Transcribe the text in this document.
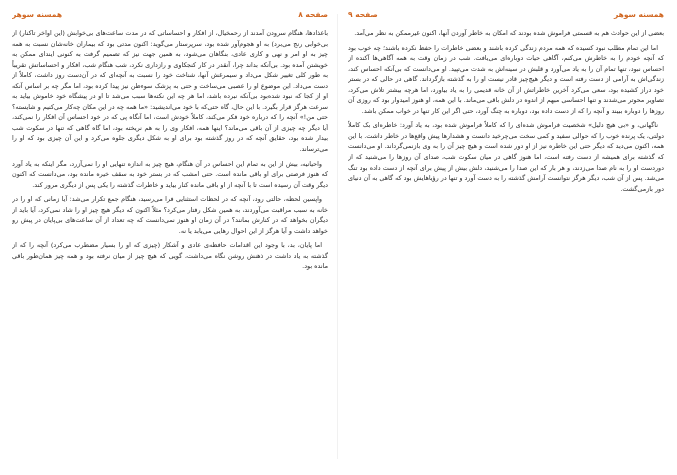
همسنه سوهر	صفحه ۸

باعذادها، هنگام سرودن آمدند از رحمخیال، از افکار و احساساتی که در مدت ساعت‌های بی‌خوابش (این اواخر تا‌کنار) از بی‌خوابی رنج می‌برد) به او هجوم‌آور شده بود، سرپرستار می‌گوید: اکنون مدتی بود که بیماران خانه‌شان نسبت به همه چیز به او امر و نهی و کاری عادی، بنگاهان می‌شود، به همین جهت نیز که تصمیم گرفت به کنونی ایندای ممکن به خویشتن آمده بود. بی‌آنکه بداند چرا، آنقدر در کار کنجکاوی و رازداری نکرد، شب هنگام شب، افکار و احساساتش تقریباً به طور کلی تغییر شکل می‌داد و سیمرغش آنها، شناخت خود را نسبت به آنچه‌ای که در آن‌دست روز داشت، کاملاً از دست می‌داد. این موضوع او را عصبی می‌ساخت و حتی به پزشک سوء‌ظن نیز پیدا کرده بود، اما مگر چه بر اساس آنکه او از کجا که نبود شده‌بود بی‌آنکه نبرده باشد، اما هر چه این نکته‌ها سبب می‌شد تا او در پیشگاه خود خاموش بیاید به سرعت هرگز قرار بگیرد. با این حال، گاه حتی‌که با خود می‌اندیشید: «ما همه چه در این مکان چه‌کار می‌کنیم و شایسته؟ حتی من!» آنچه را که درباره خود فکر می‌کند، کاملاً خودش است، اما آنگاه پی که در خود احساس آن افکار را نمی‌کند، آیا دیگر چه چیزی از آن باقی می‌ماند؟ اینها همه، افکار وی را به هم نریخته بود، اما گاه گاهی که تنها در سکوت شب بیدار شده بود، حقایق آنچه که در روز گذشته بود برای او به شکل دیگری جلوه می‌کرد و این آن چیزی بود که او را می‌ترساند.

واحیانیه، بیش از این به تمام این احساس در آن هنگام، هیچ چیز به اندازه تنهایی او را نمی‌آزرد، مگر اینکه به یاد آورد که هنوز فرصتی برای او باقی مانده است. حتی امشب که در بستر خود به سقف خیره مانده بود، می‌دانست که اکنون دیگر وقت آن رسیده است تا با آنچه از او باقی مانده کنار بیاید و خاطرات گذشته را یکی پس از دیگری مرور کند.

واپسین لحظه، حالتی رود، آنچه که در لحظات استثنایی فرا می‌رسید، هنگام جمع تکرار می‌شد: آیا زمانی که او را در خانه به سبب مراقبت می‌آوردند، به همین شکل رفتار می‌کرد؟ مثلاً اکنون که دیگر هیچ چیز او را شاد نمی‌کرد، آیا باید از دیگران بخواهد که در کنارش بمانند؟ در آن زمان او هنوز نمی‌دانست که چه تعداد از آن ساعت‌های بی‌پایان در پیش رو خواهد داشت و آیا هرگز از این احوال رهایی می‌یابد یا نه.

اما پایان، بد، با وجود این اقدامات حافظه‌ی عادی و آشکار (چیزی که او را بسیار مضطرب می‌کرد) آنچه را که از گذشته به یاد داشت در ذهنش روشن نگاه می‌داشت، گویی که هیچ چیز از میان نرفته بود و همه چیز همان‌طور باقی مانده بود.

همسنه سوهر
صفحه ۹

بعضی از این حوادث هم به قسمتی فراموش شده بودند که امکان به خاطر آوردن آنها، اکنون غیرممکن به نظر می‌آمد.

اما این تمام مطلب نبود کسیده که همه مردم زندگی کرده باشند و بعضی خاطرات را حفظ نکرده باشند؛ چه خوب بود که آنچه خودم را به خاطرش می‌کنم، آگاهی حیات دوباره‌ای می‌یافت. شب در زمان وقت به همه آگاهی‌ها آکنده از احساس نبود، تنها تمام آن را به یاد می‌آورد و قلبش در سینه‌اش به شدت می‌تپید. او می‌دانست که بی‌آنکه احساس کند، زندگی‌اش به آرامی از دست رفته است و دیگر هیچ‌چیز قادر نیست او را به گذشته بازگرداند. گاهی در حالی که در بستر خود دراز کشیده بود، سعی می‌کرد آخرین خاطراتش از آن خانه قدیمی را به یاد بیاورد، اما هرچه بیشتر تلاش می‌کرد، تصاویر محوتر می‌شدند و تنها احساسی مبهم از اندوه در دلش باقی می‌ماند. با این همه، او هنوز امیدوار بود که روزی آن روزها را دوباره ببیند و آنچه را که از دست داده بود، دوباره به چنگ آورد، حتی اگر این کار تنها در خواب ممکن باشد.

ناگهانی، و «بی‌ هیچ دلیل» شخصیت فراموش شده‌ای را که کاملاً فراموش شده بود، به یاد آورد: خاطره‌ای بک کاملاً دولتی، یک پرنده خوب را که حوالی سفید و کمی سخت می‌چرخید دانست و هشدارها پیش واقع‌ها در خاطر داشت. با این همه، اکنون می‌دید که دیگر حتی این خاطره نیز از او دور شده است و هیچ چیز آن را به وی بازنمی‌گرداند. او می‌دانست که گذشته برای همیشه از دست رفته است، اما هنوز گاهی در میان سکوت شب، صدای آن روزها را می‌شنید که از دوردست او را به نام صدا می‌زدند، و هر بار که این صدا را می‌شنید، دلش بیش از پیش برای آنچه از دست داده بود تنگ می‌شد. پس از آن شب، دیگر هرگز نتوانست آرامش گذشته را به دست آورد و تنها در رؤیاهایش بود که گاهی به آن دنیای دور بازمی‌گشت.
